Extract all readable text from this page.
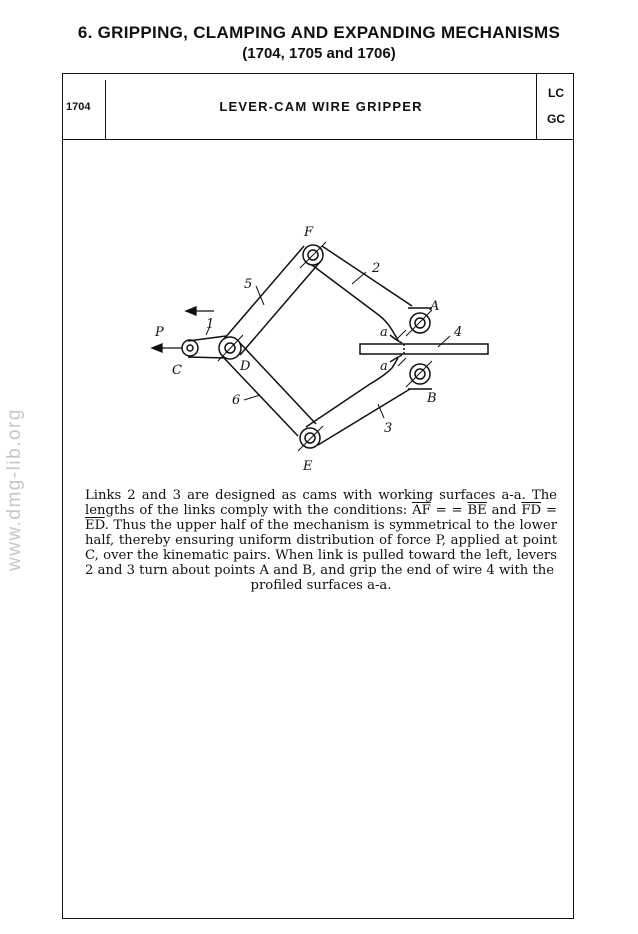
6. GRIPPING, CLAMPING AND EXPANDING MECHANISMS
(1704, 1705 and 1706)
1704	LEVER-CAM WIRE GRIPPER
LC
GC
www.dmg-lib.org
F
A
B
C	D
E
P
1
2
3
4
5
6
a
a
Links 2 and 3 are designed as cams with working surfaces a-a. The lengths of the links comply with the conditions: $\overline{AF}$ = = $\overline{BE}$ and $\overline{FD} = \overline{ED}$. Thus the upper half of the mechanism is symmetrical to the lower half, thereby ensuring uniform distribution of force P, applied at point C, over the kinematic pairs. When link is pulled toward the left, levers 2 and 3 turn about points A and B, and grip the end of wire 4 with the
profiled surfaces a-a.
